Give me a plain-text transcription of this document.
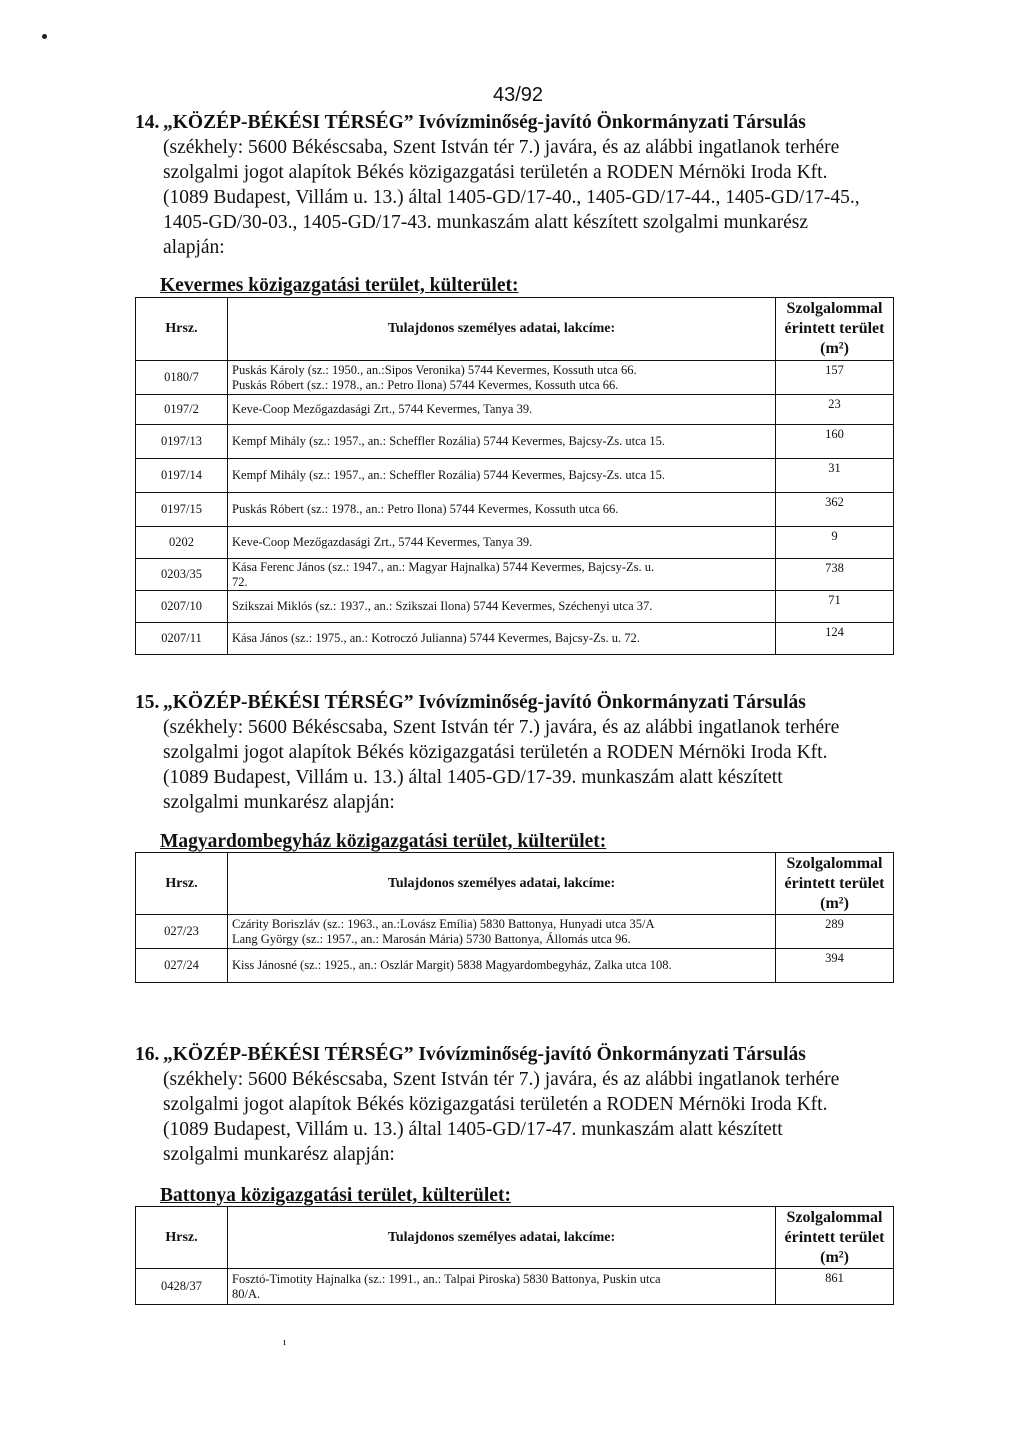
43/92
14. „KÖZÉP-BÉKÉSI TÉRSÉG” Ivóvízminőség-javító Önkormányzati Társulás
(székhely: 5600 Békéscsaba, Szent István tér 7.) javára, és az alábbi ingatlanok terhére
szolgalmi jogot alapítok Békés közigazgatási területén a RODEN Mérnöki Iroda Kft.
(1089 Budapest, Villám u. 13.) által 1405-GD/17-40., 1405-GD/17-44., 1405-GD/17-45.,
1405-GD/30-03., 1405-GD/17-43. munkaszám alatt készített szolgalmi munkarész
alapján:
Kevermes közigazgatási terület, külterület:
Hrsz.	Tulajdonos személyes adatai, lakcíme:	Szolgalommal
érintett terület
(m²)

0180/7	Puskás Károly (sz.: 1950., an.:Sipos Veronika) 5744 Kevermes, Kossuth utca 66.
Puskás Róbert (sz.: 1978., an.: Petro Ilona) 5744 Kevermes, Kossuth utca 66.	157
0197/2	Keve-Coop Mezőgazdasági Zrt., 5744 Kevermes, Tanya 39.	23
0197/13	Kempf Mihály (sz.: 1957., an.: Scheffler Rozália) 5744 Kevermes, Bajcsy-Zs. utca 15.	160
0197/14	Kempf Mihály (sz.: 1957., an.: Scheffler Rozália) 5744 Kevermes, Bajcsy-Zs. utca 15.	31
0197/15	Puskás Róbert (sz.: 1978., an.: Petro Ilona) 5744 Kevermes, Kossuth utca 66.	362
0202	Keve-Coop Mezőgazdasági Zrt., 5744 Kevermes, Tanya 39.	9
0203/35	Kása Ferenc János (sz.: 1947., an.: Magyar Hajnalka) 5744 Kevermes, Bajcsy-Zs. u.
72.	738
0207/10	Szikszai Miklós (sz.: 1937., an.: Szikszai Ilona) 5744 Kevermes, Széchenyi utca 37.	71
0207/11	Kása János (sz.: 1975., an.: Kotroczó Julianna) 5744 Kevermes, Bajcsy-Zs. u. 72.	124
15. „KÖZÉP-BÉKÉSI TÉRSÉG” Ivóvízminőség-javító Önkormányzati Társulás
(székhely: 5600 Békéscsaba, Szent István tér 7.) javára, és az alábbi ingatlanok terhére
szolgalmi jogot alapítok Békés közigazgatási területén a RODEN Mérnöki Iroda Kft.
(1089 Budapest, Villám u. 13.) által 1405-GD/17-39. munkaszám alatt készített
szolgalmi munkarész alapján:
Magyardombegyház közigazgatási terület, külterület:
Hrsz.	Tulajdonos személyes adatai, lakcíme:	Szolgalommal
érintett terület
(m²)

027/23	Czárity Boriszláv (sz.: 1963., an.:Lovász Emília) 5830 Battonya, Hunyadi utca 35/A
Lang György (sz.: 1957., an.: Marosán Mária) 5730 Battonya, Állomás utca 96.	289
027/24	Kiss Jánosné (sz.: 1925., an.: Oszlár Margit) 5838 Magyardombegyház, Zalka utca 108.	394
16. „KÖZÉP-BÉKÉSI TÉRSÉG” Ivóvízminőség-javító Önkormányzati Társulás
(székhely: 5600 Békéscsaba, Szent István tér 7.) javára, és az alábbi ingatlanok terhére
szolgalmi jogot alapítok Békés közigazgatási területén a RODEN Mérnöki Iroda Kft.
(1089 Budapest, Villám u. 13.) által 1405-GD/17-47. munkaszám alatt készített
szolgalmi munkarész alapján:
Battonya közigazgatási terület, külterület:
Hrsz.	Tulajdonos személyes adatai, lakcíme:	Szolgalommal
érintett terület
(m²)

0428/37	Fosztó-Timotity Hajnalka (sz.: 1991., an.: Talpai Piroska) 5830 Battonya, Puskin utca
80/A.	861
ı
